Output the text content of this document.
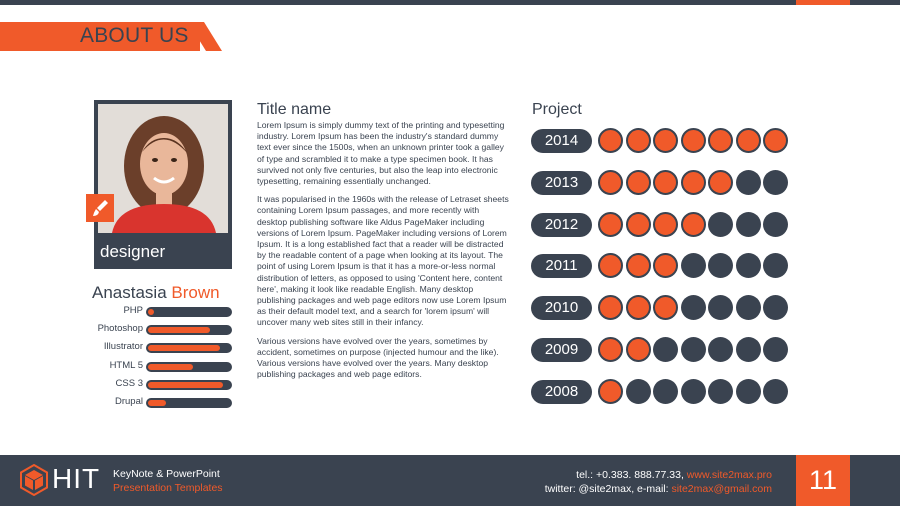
ABOUT US
designer
Anastasia Brown
PHP
Photoshop
Illustrator
HTML 5
CSS 3
Drupal
Title name

Lorem Ipsum is simply dummy text of the printing and typesetting industry. Lorem Ipsum has been the industry's standard dummy text ever since the 1500s, when an unknown printer took a galley of type and scrambled it to make a type specimen book. It has survived not only five centuries, but also the leap into electronic typesetting, remaining essentially unchanged.

It was popularised in the 1960s with the release of Letraset sheets containing Lorem Ipsum passages, and more recently with desktop publishing software like Aldus PageMaker including versions of Lorem Ipsum. PageMaker including versions of Lorem Ipsum. It is a long established fact that a reader will be distracted by the readable content of a page when looking at its layout. The point of using Lorem Ipsum is that it has a more-or-less normal distribution of letters, as opposed to using 'Content here, content here', making it look like readable English. Many desktop publishing packages and web page editors now use Lorem Ipsum as their default model text, and a search for 'lorem ipsum' will uncover many web sites still in their infancy.

Various versions have evolved over the years, sometimes by accident, sometimes on purpose (injected humour and the like). Various versions have evolved over the years. Many desktop publishing packages and web page editors.

Project
2014
2013
2012
2011
2010
2009
2008
HIT KeyNote & PowerPoint
Presentation Templates
tel.: +0.383. 888.77.33, www.site2max.pro
twitter: @site2max, e-mail: site2max@gmail.com	11
